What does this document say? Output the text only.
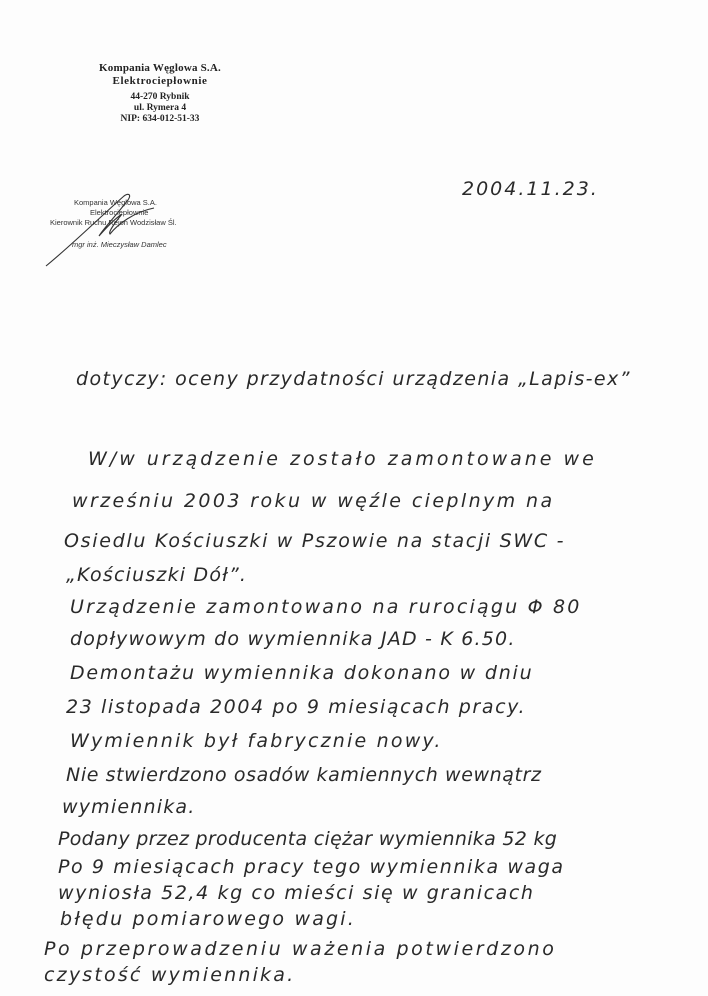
Kompania Węglowa S.A.
Elektrociepłownie
44-270 Rybnik
ul. Rymera 4
NIP: 634-012-51-33
Kompania Węglowa S.A.
Elektrociepłownie
Kierownik Ruchu Rejon Wodzisław Śl.
mgr inż. Mieczysław Damlec
2004.11.23.
dotyczy: oceny przydatności urządzenia „Lapis-ex”
W/w urządzenie zostało zamontowane we
wrześniu 2003 roku w węźle cieplnym na
Osiedlu Kościuszki w Pszowie na stacji SWC -
„Kościuszki Dół”.
Urządzenie zamontowano na rurociągu Φ 80
dopływowym do wymiennika JAD - K 6.50.
Demontażu wymiennika dokonano w dniu
23 listopada 2004 po 9 miesiącach pracy.
Wymiennik był fabrycznie nowy.
Nie stwierdzono osadów kamiennych wewnątrz
wymiennika.
Podany przez producenta ciężar wymiennika 52 kg
Po 9 miesiącach pracy tego wymiennika waga
wyniosła 52,4 kg co mieści się w granicach
błędu pomiarowego wagi.
Po przeprowadzeniu ważenia potwierdzono
czystość wymiennika.
